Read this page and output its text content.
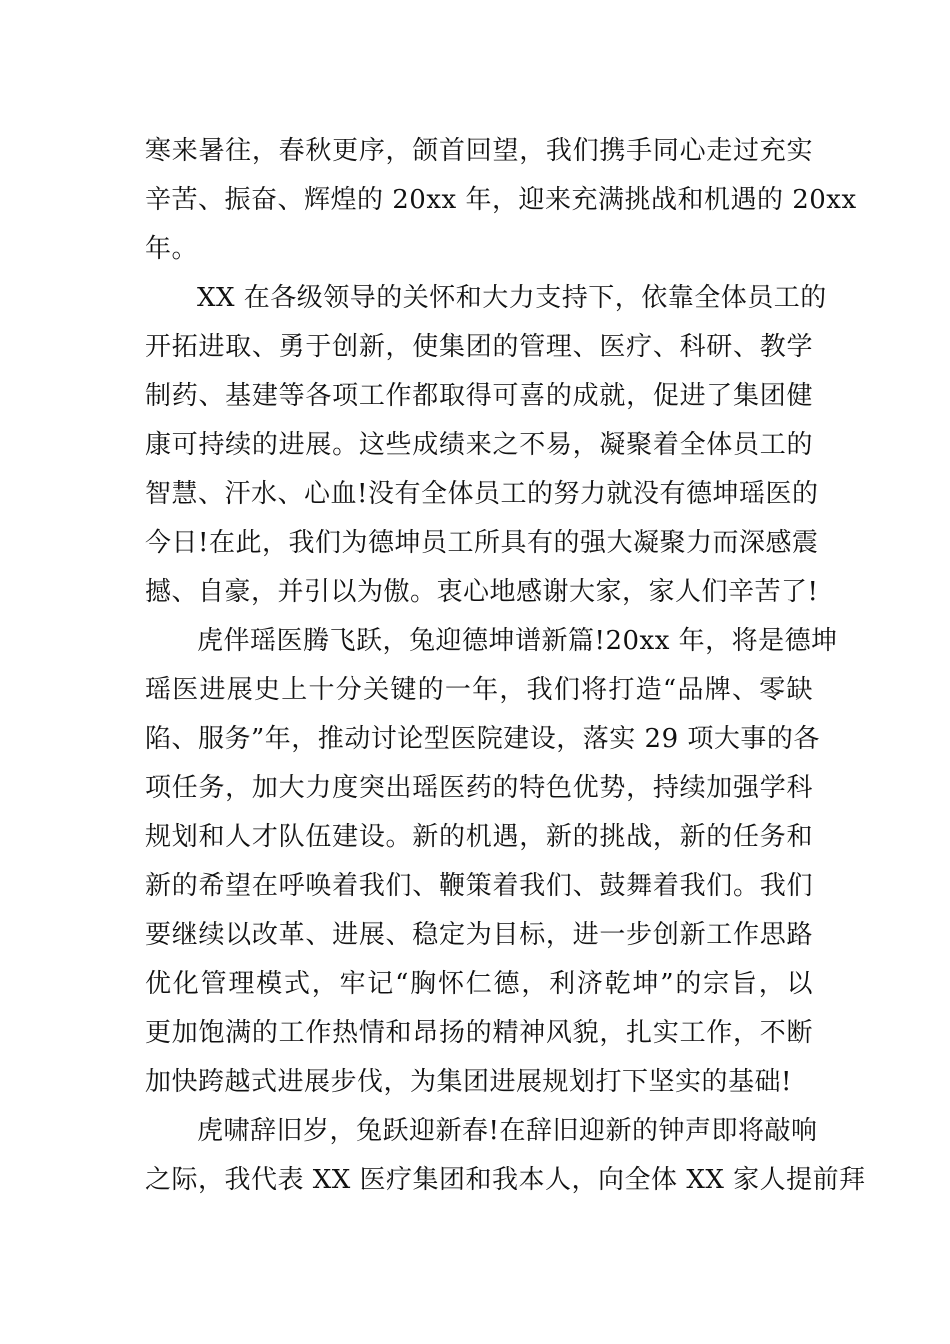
寒来暑往，春秋更序，颌首回望，我们携手同心走过充实
辛苦、振奋、辉煌的 20xx 年，迎来充满挑战和机遇的 20xx
年。
XX 在各级领导的关怀和大力支持下，依靠全体员工的
开拓进取、勇于创新，使集团的管理、医疗、科研、教学
制药、基建等各项工作都取得可喜的成就，促进了集团健
康可持续的进展。这些成绩来之不易，凝聚着全体员工的
智慧、汗水、心血!没有全体员工的努力就没有德坤瑶医的
今日!在此，我们为德坤员工所具有的强大凝聚力而深感震
撼、自豪，并引以为傲。衷心地感谢大家，家人们辛苦了!
虎伴瑶医腾飞跃，兔迎德坤谱新篇!20xx 年，将是德坤
瑶医进展史上十分关键的一年，我们将打造“品牌、零缺
陷、服务”年，推动讨论型医院建设，落实 29 项大事的各
项任务，加大力度突出瑶医药的特色优势，持续加强学科
规划和人才队伍建设。新的机遇，新的挑战，新的任务和
新的希望在呼唤着我们、鞭策着我们、鼓舞着我们。我们
要继续以改革、进展、稳定为目标，进一步创新工作思路
优化管理模式，牢记“胸怀仁德，利济乾坤”的宗旨，以
更加饱满的工作热情和昂扬的精神风貌，扎实工作，不断
加快跨越式进展步伐，为集团进展规划打下坚实的基础!
虎啸辞旧岁，兔跃迎新春!在辞旧迎新的钟声即将敲响
之际，我代表 XX 医疗集团和我本人，向全体 XX 家人提前拜
